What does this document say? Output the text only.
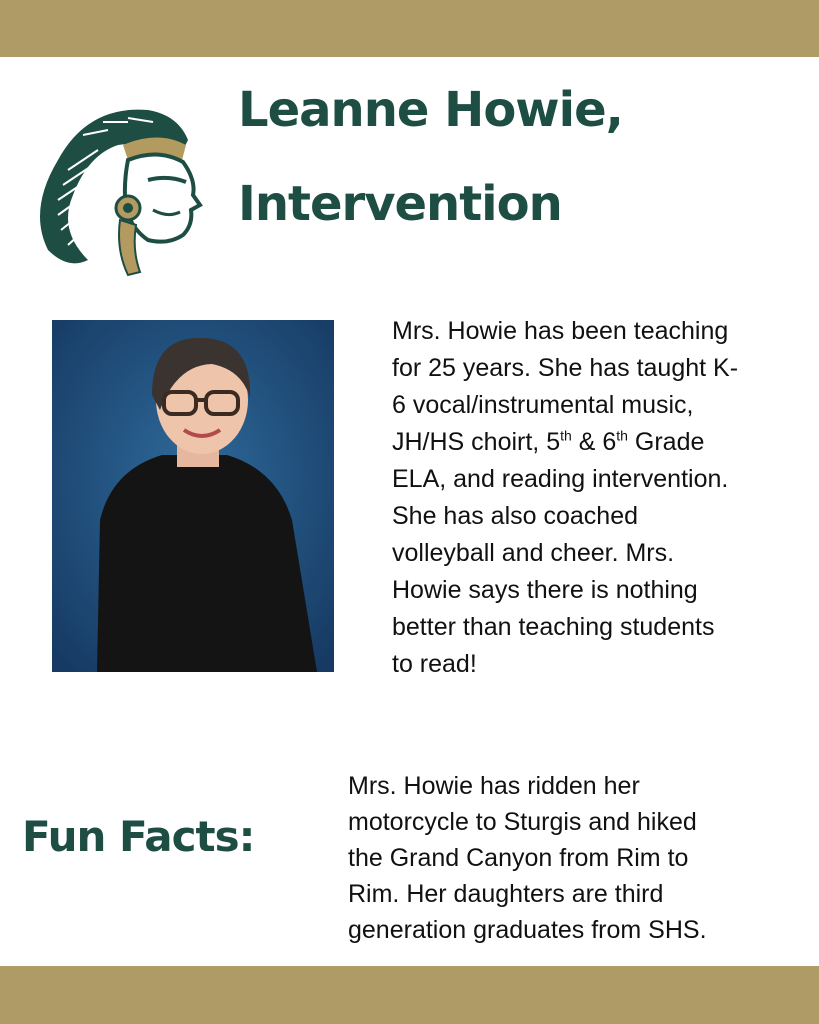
Leanne Howie,
Intervention
Mrs. Howie has been teaching
for 25 years. She has taught K-
6 vocal/instrumental music,
JH/HS choirt, 5th & 6th Grade
ELA, and reading intervention.
She has also coached
volleyball and cheer. Mrs.
Howie says there is nothing
better than teaching students
to read!
Fun Facts:
Mrs. Howie has ridden her
motorcycle to Sturgis and hiked
the Grand Canyon from Rim to
Rim. Her daughters are third
generation graduates from SHS.
